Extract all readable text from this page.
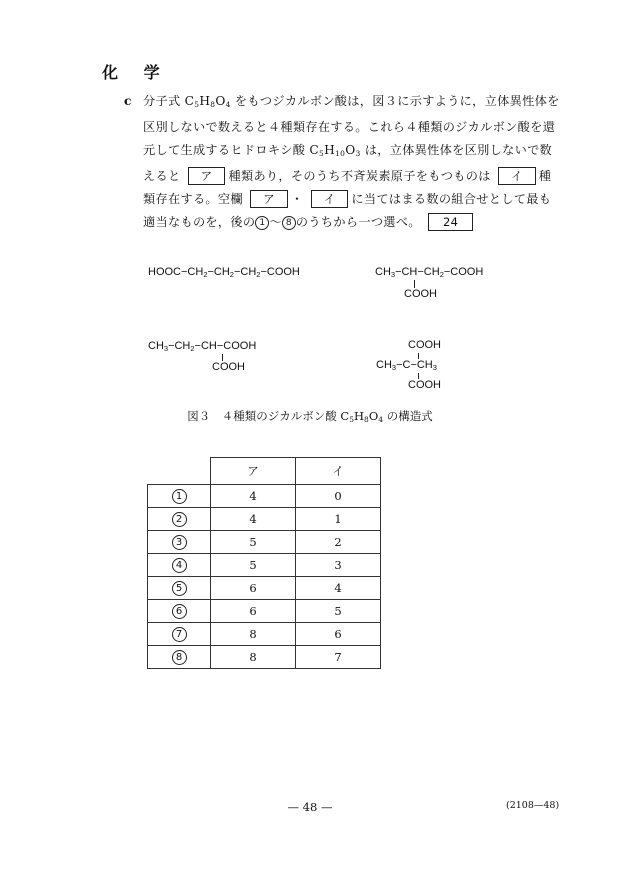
化 学
c 分子式 $C_5H_8O_4$ をもつジカルボン酸は，図３に示すように，立体異性体を区別しないで数えると４種類存在する。これら４種類のジカルボン酸を還元して生成するヒドロキシ酸 $C_5H_{10}O_3$ は，立体異性体を区別しないで数えると ア 種類あり，そのうち不斉炭素原子をもつものは イ 種類存在する。空欄 ア ・ イ に当てはまる数の組合せとして最も適当なものを，後の 1 ～ 8 のうちから一つ選べ。 24
$HOOC-CH_2-CH_2-CH_2-COOH$	$CH_3-CH-CH_2-COOH$
COOH
$CH_3-CH_2-CH-COOH$
COOH
COOH
$CH_3-C-CH_3$
COOH
図３　４種類のジカルボン酸 $C_5H_8O_4$ の構造式
	ア	イ
1	4	0
2	4	1
3	5	2
4	5	3
5	6	4
6	6	5
7	8	6
8	8	7
— 48 —	(2108—48)
